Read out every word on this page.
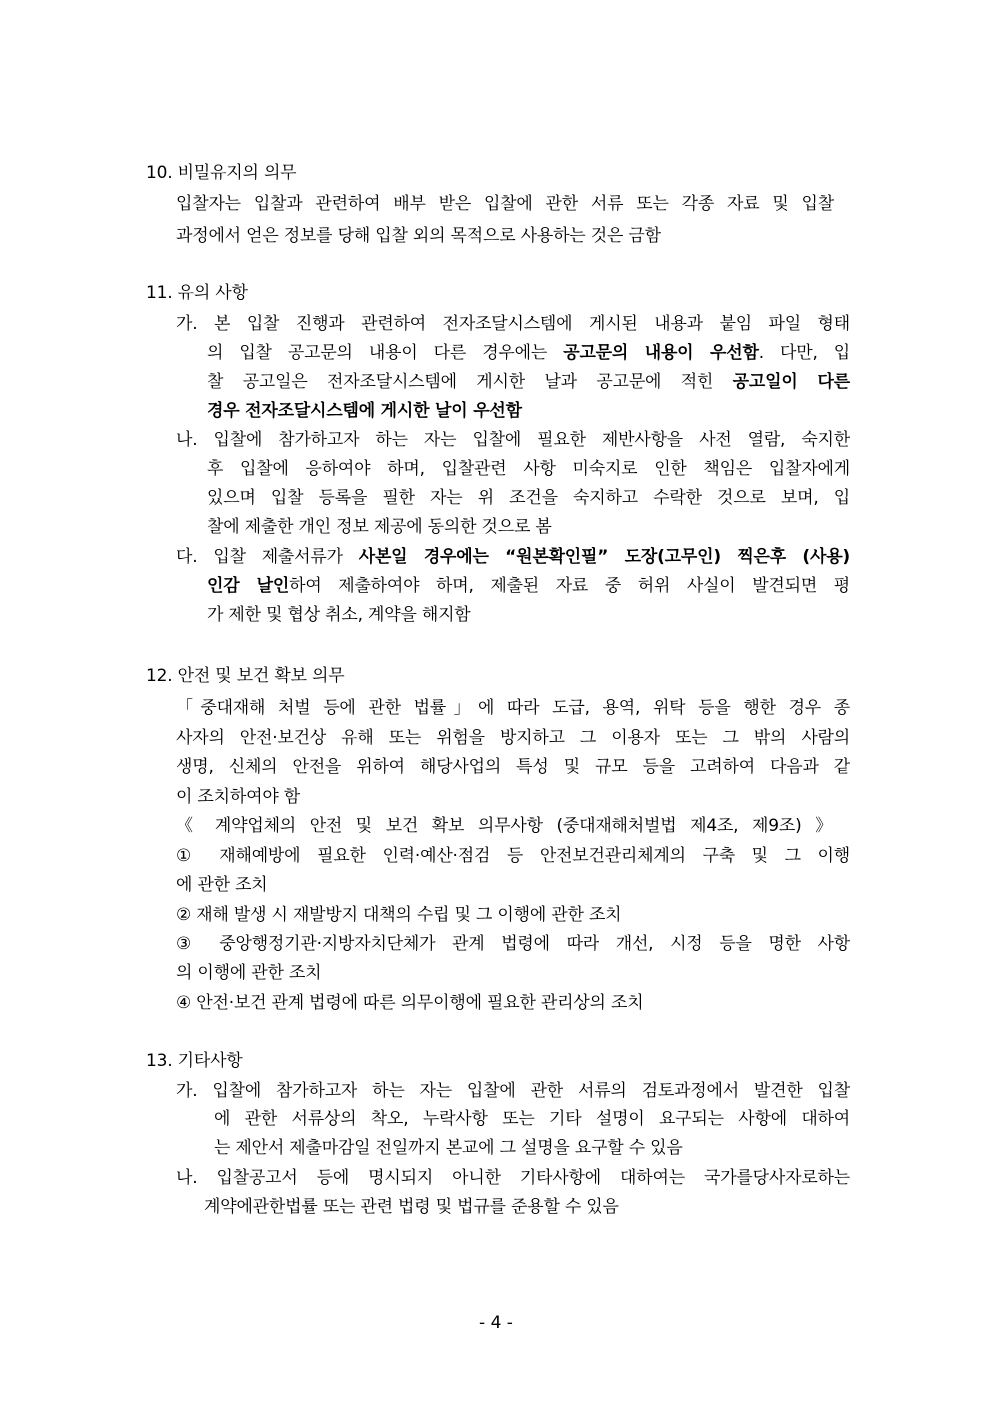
10. 비밀유지의 의무
입찰자는 입찰과 관련하여 배부 받은 입찰에 관한 서류 또는 각종 자료 및 입찰
과정에서 얻은 정보를 당해 입찰 외의 목적으로 사용하는 것은 금함
11. 유의 사항
가. 본 입찰 진행과 관련하여 전자조달시스템에 게시된 내용과 붙임 파일 형태
의 입찰 공고문의 내용이 다른 경우에는 공고문의 내용이 우선함. 다만, 입
찰 공고일은 전자조달시스템에 게시한 날과 공고문에 적힌 공고일이 다른
경우 전자조달시스템에 게시한 날이 우선함
나. 입찰에 참가하고자 하는 자는 입찰에 필요한 제반사항을 사전 열람, 숙지한
후 입찰에 응하여야 하며, 입찰관련 사항 미숙지로 인한 책임은 입찰자에게
있으며 입찰 등록을 필한 자는 위 조건을 숙지하고 수락한 것으로 보며, 입
찰에 제출한 개인 정보 제공에 동의한 것으로 봄
다. 입찰 제출서류가 사본일 경우에는 “원본확인필” 도장(고무인) 찍은후 (사용)
인감 날인하여 제출하여야 하며, 제출된 자료 중 허위 사실이 발견되면 평
가 제한 및 협상 취소, 계약을 해지함
12. 안전 및 보건 확보 의무
「중대재해 처벌 등에 관한 법률」에 따라 도급, 용역, 위탁 등을 행한 경우 종
사자의 안전·보건상 유해 또는 위험을 방지하고 그 이용자 또는 그 밖의 사람의
생명, 신체의 안전을 위하여 해당사업의 특성 및 규모 등을 고려하여 다음과 같
이 조치하여야 함
《 계약업체의 안전 및 보건 확보 의무사항 (중대재해처벌법 제4조, 제9조) 》
① 재해예방에 필요한 인력·예산·점검 등 안전보건관리체계의 구축 및 그 이행
에 관한 조치
② 재해 발생 시 재발방지 대책의 수립 및 그 이행에 관한 조치
③ 중앙행정기관·지방자치단체가 관계 법령에 따라 개선, 시정 등을 명한 사항
의 이행에 관한 조치
④ 안전·보건 관계 법령에 따른 의무이행에 필요한 관리상의 조치
13. 기타사항
가. 입찰에 참가하고자 하는 자는 입찰에 관한 서류의 검토과정에서 발견한 입찰
에 관한 서류상의 착오, 누락사항 또는 기타 설명이 요구되는 사항에 대하여
는 제안서 제출마감일 전일까지 본교에 그 설명을 요구할 수 있음
나. 입찰공고서 등에 명시되지 아니한 기타사항에 대하여는 국가를당사자로하는
계약에관한법률 또는 관련 법령 및 법규를 준용할 수 있음
- 4 -
